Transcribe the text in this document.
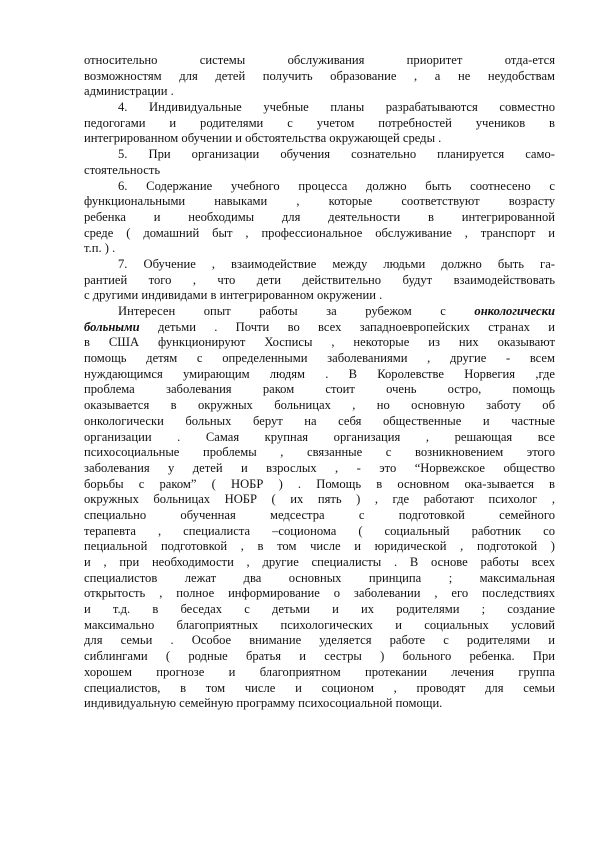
относительно системы обслуживания приоритет отда-ется
возможностям для детей получить образование , а не неудобствам
администрации .
4. Индивидуальные учебные планы разрабатываются совместно
педогогами и родителями с учетом потребностей учеников в
интегрированном обучении и обстоятельства окружающей среды .
5. При организации обучения сознательно планируется само-
стоятельность
6. Содержание учебного процесса должно быть соотнесено с
функциональными навыками , которые соответствуют возрасту
ребенка и необходимы для деятельности в интегрированной
среде ( домашний быт , профессиональное обслуживание , транспорт и
т.п. ) .
7. Обучение , взаимодействие между людьми должно быть га-
рантией того , что дети действительно будут взаимодействовать
с другими индивидами в интегрированном окружении .
Интересен опыт работы за рубежом с онкологически
больными детьми . Почти во всех западноевропейских странах и
в США функционируют Хосписы , некоторые из них оказывают
помощь детям с определенными заболеваниями , другие - всем
нуждающимся умирающим людям . В Королевстве Норвегия ,где
проблема заболевания раком стоит очень остро, помощь
оказывается в окружных больницах , но основную заботу об
онкологически больных берут на себя общественные и частные
организации . Самая крупная организация , решающая все
психосоциальные проблемы , связанные с возникновением этого
заболевания у детей и взрослых , - это “Норвежское общество
борьбы с раком” ( НОБР ) . Помощь в основном ока-зывается в
окружных больницах НОБР ( их пять ) , где работают психолог ,
специально обученная медсестра с подготовкой семейного
терапевта , специалиста –соционома ( социальный работник со
пециальной подготовкой , в том числе и юридической , подготокой )
и , при необходимости , другие специалисты . В основе работы всех
специалистов лежат два основных принципа ; максимальная
открытость , полное информирование о заболевании , его последствиях
и т.д. в беседах с детьми и их родителями ; создание
максимально благоприятных психологических и социальных условий
для семьи . Особое внимание уделяется работе с родителями и
сиблингами ( родные братья и сестры ) больного ребенка. При
хорошем прогнозе и благоприятном протекании лечения группа
специалистов, в том числе и соционом , проводят для семьи
индивидуальную семейную программу психосоциальной помощи.
